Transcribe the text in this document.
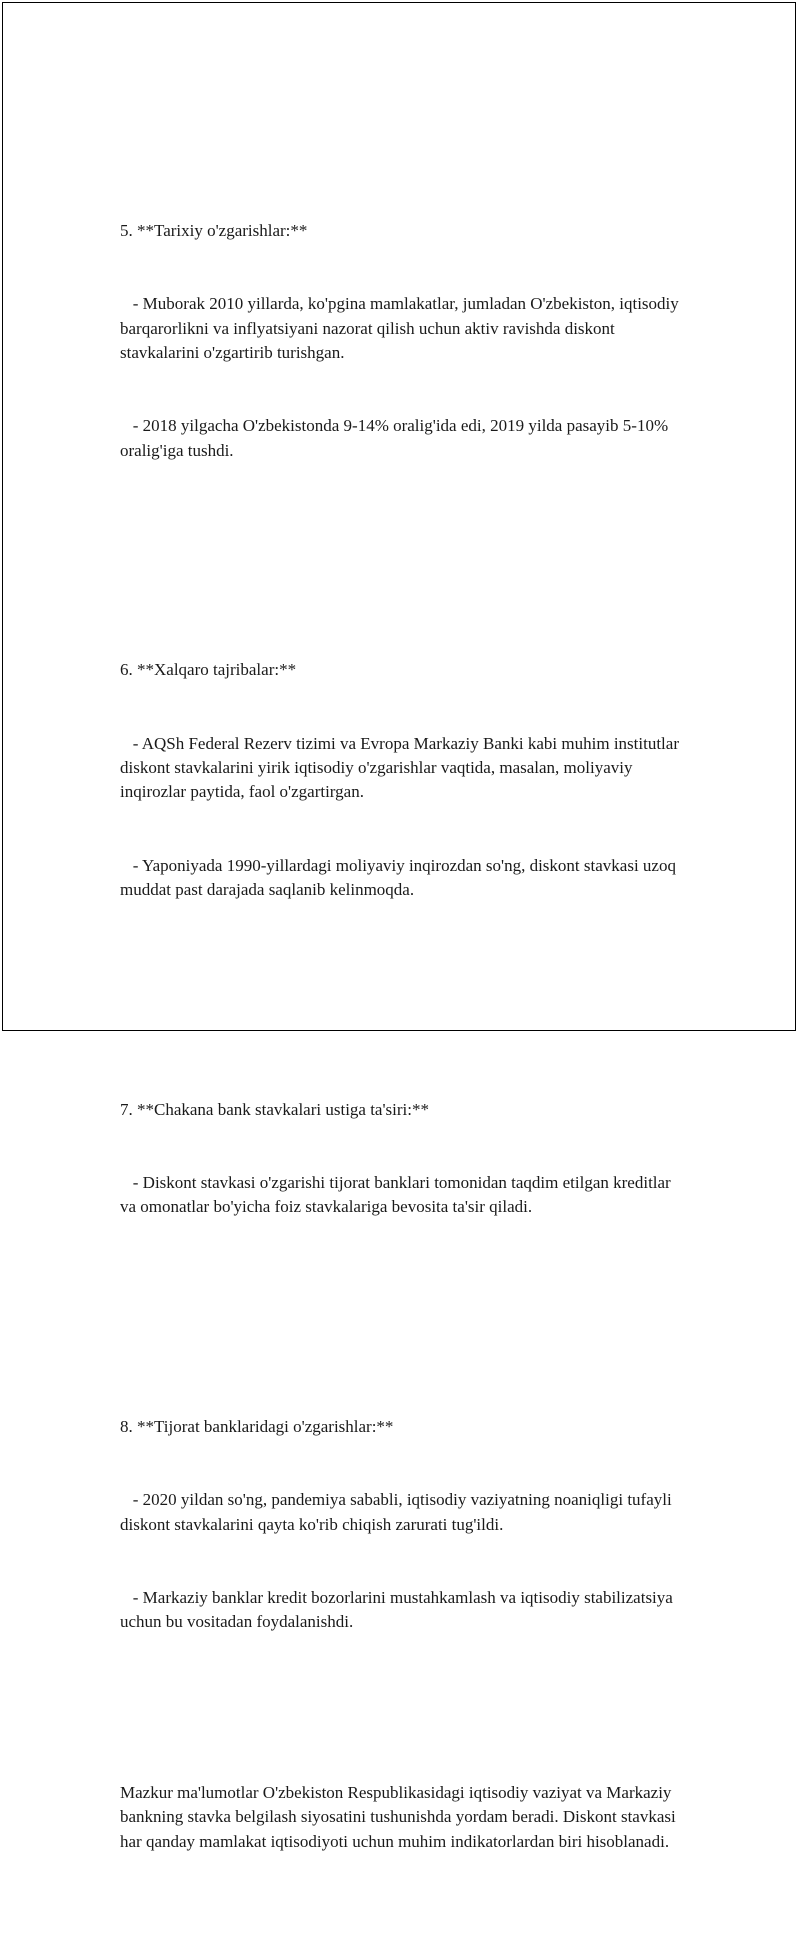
5. **Tarixiy o'zgarishlar:**

- Muborak 2010 yillarda, ko'pgina mamlakatlar, jumladan O'zbekiston, iqtisodiy barqarorlikni va inflyatsiyani nazorat qilish uchun aktiv ravishda diskont stavkalarini o'zgartirib turishgan.

- 2018 yilgacha O'zbekistonda 9-14% oralig'ida edi, 2019 yilda pasayib 5-10% oralig'iga tushdi.

6. **Xalqaro tajribalar:**

- AQSh Federal Rezerv tizimi va Evropa Markaziy Banki kabi muhim institutlar diskont stavkalarini yirik iqtisodiy o'zgarishlar vaqtida, masalan, moliyaviy inqirozlar paytida, faol o'zgartirgan.

- Yaponiyada 1990-yillardagi moliyaviy inqirozdan so'ng, diskont stavkasi uzoq muddat past darajada saqlanib kelinmoqda.

7. **Chakana bank stavkalari ustiga ta'siri:**

- Diskont stavkasi o'zgarishi tijorat banklari tomonidan taqdim etilgan kreditlar va omonatlar bo'yicha foiz stavkalariga bevosita ta'sir qiladi.

8. **Tijorat banklaridagi o'zgarishlar:**

- 2020 yildan so'ng, pandemiya sababli, iqtisodiy vaziyatning noaniqligi tufayli diskont stavkalarini qayta ko'rib chiqish zarurati tug'ildi.

- Markaziy banklar kredit bozorlarini mustahkamlash va iqtisodiy stabilizatsiya uchun bu vositadan foydalanishdi.

Mazkur ma'lumotlar O'zbekiston Respublikasidagi iqtisodiy vaziyat va Markaziy bankning stavka belgilash siyosatini tushunishda yordam beradi. Diskont stavkasi har qanday mamlakat iqtisodiyoti uchun muhim indikatorlardan biri hisoblanadi.
